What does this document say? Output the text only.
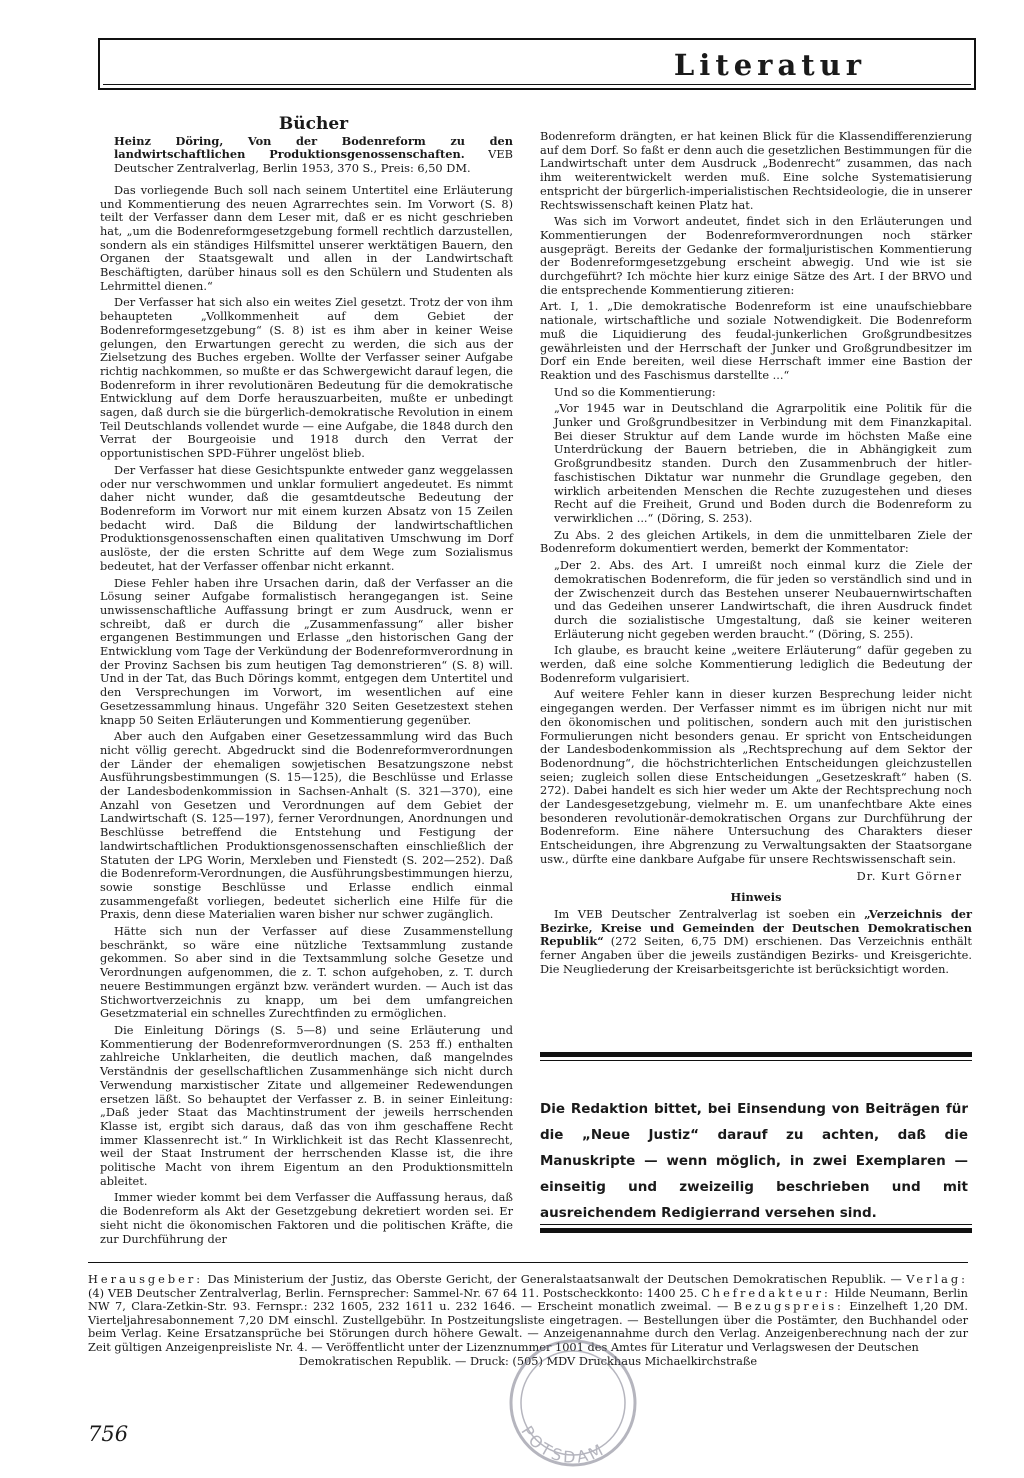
Literatur

Bücher

Heinz Döring, Von der Bodenreform zu den landwirtschaftlichen Produktionsgenossenschaften. VEB Deutscher Zentralverlag, Berlin 1953, 370 S., Preis: 6,50 DM.

Das vorliegende Buch soll nach seinem Untertitel eine Erläuterung und Kommentierung des neuen Agrarrechtes sein. Im Vorwort (S. 8) teilt der Verfasser dann dem Leser mit, daß er es nicht geschrieben hat, „um die Bodenreformgesetzgebung formell rechtlich darzustellen, sondern als ein ständiges Hilfsmittel unserer werktätigen Bauern, den Organen der Staatsgewalt und allen in der Landwirtschaft Beschäftigten, darüber hinaus soll es den Schülern und Studenten als Lehrmittel dienen.“

Der Verfasser hat sich also ein weites Ziel gesetzt. Trotz der von ihm behaupteten „Vollkommenheit auf dem Gebiet der Bodenreformgesetzgebung“ (S. 8) ist es ihm aber in keiner Weise gelungen, den Erwartungen gerecht zu werden, die sich aus der Zielsetzung des Buches ergeben. Wollte der Verfasser seiner Aufgabe richtig nachkommen, so mußte er das Schwergewicht darauf legen, die Bodenreform in ihrer revolutionären Bedeutung für die demokratische Entwicklung auf dem Dorfe herauszuarbeiten, mußte er unbedingt sagen, daß durch sie die bürgerlich-demokratische Revolution in einem Teil Deutschlands vollendet wurde — eine Aufgabe, die 1848 durch den Verrat der Bourgeoisie und 1918 durch den Verrat der opportunistischen SPD-Führer ungelöst blieb.

Der Verfasser hat diese Gesichtspunkte entweder ganz weggelassen oder nur verschwommen und unklar formuliert angedeutet. Es nimmt daher nicht wunder, daß die gesamtdeutsche Bedeutung der Bodenreform im Vorwort nur mit einem kurzen Absatz von 15 Zeilen bedacht wird. Daß die Bildung der landwirtschaftlichen Produktionsgenossenschaften einen qualitativen Umschwung im Dorf auslöste, der die ersten Schritte auf dem Wege zum Sozialismus bedeutet, hat der Verfasser offenbar nicht erkannt.

Diese Fehler haben ihre Ursachen darin, daß der Verfasser an die Lösung seiner Aufgabe formalistisch herangegangen ist. Seine unwissenschaftliche Auffassung bringt er zum Ausdruck, wenn er schreibt, daß er durch die „Zusammenfassung“ aller bisher ergangenen Bestimmungen und Erlasse „den historischen Gang der Entwicklung vom Tage der Verkündung der Bodenreformverordnung in der Provinz Sachsen bis zum heutigen Tag demonstrieren“ (S. 8) will. Und in der Tat, das Buch Dörings kommt, entgegen dem Untertitel und den Versprechungen im Vorwort, im wesentlichen auf eine Gesetzessammlung hinaus. Ungefähr 320 Seiten Gesetzestext stehen knapp 50 Seiten Erläuterungen und Kommentierung gegenüber.

Aber auch den Aufgaben einer Gesetzessammlung wird das Buch nicht völlig gerecht. Abgedruckt sind die Bodenreformverordnungen der Länder der ehemaligen sowjetischen Besatzungszone nebst Ausführungsbestimmungen (S. 15—125), die Beschlüsse und Erlasse der Landesbodenkommission in Sachsen-Anhalt (S. 321—370), eine Anzahl von Gesetzen und Verordnungen auf dem Gebiet der Landwirtschaft (S. 125—197), ferner Verordnungen, Anordnungen und Beschlüsse betreffend die Entstehung und Festigung der landwirtschaftlichen Produktionsgenossenschaften einschließlich der Statuten der LPG Worin, Merxleben und Fienstedt (S. 202—252). Daß die Bodenreform-Verordnungen, die Ausführungsbestimmungen hierzu, sowie sonstige Beschlüsse und Erlasse endlich einmal zusammengefaßt vorliegen, bedeutet sicherlich eine Hilfe für die Praxis, denn diese Materialien waren bisher nur schwer zugänglich.

Hätte sich nun der Verfasser auf diese Zusammenstellung beschränkt, so wäre eine nützliche Textsammlung zustande gekommen. So aber sind in die Textsammlung solche Gesetze und Verordnungen aufgenommen, die z. T. schon aufgehoben, z. T. durch neuere Bestimmungen ergänzt bzw. verändert wurden. — Auch ist das Stichwortverzeichnis zu knapp, um bei dem umfangreichen Gesetzmaterial ein schnelles Zurechtfinden zu ermöglichen.

Die Einleitung Dörings (S. 5—8) und seine Erläuterung und Kommentierung der Bodenreformverordnungen (S. 253 ff.) enthalten zahlreiche Unklarheiten, die deutlich machen, daß mangelndes Verständnis der gesellschaftlichen Zusammenhänge sich nicht durch Verwendung marxistischer Zitate und allgemeiner Redewendungen ersetzen läßt. So behauptet der Verfasser z. B. in seiner Einleitung: „Daß jeder Staat das Machtinstrument der jeweils herrschenden Klasse ist, ergibt sich daraus, daß das von ihm geschaffene Recht immer Klassenrecht ist.“ In Wirklichkeit ist das Recht Klassenrecht, weil der Staat Instrument der herrschenden Klasse ist, die ihre politische Macht von ihrem Eigentum an den Produktionsmitteln ableitet.

Immer wieder kommt bei dem Verfasser die Auffassung heraus, daß die Bodenreform als Akt der Gesetzgebung dekretiert worden sei. Er sieht nicht die ökonomischen Faktoren und die politischen Kräfte, die zur Durchführung der

Bodenreform drängten, er hat keinen Blick für die Klassendifferenzierung auf dem Dorf. So faßt er denn auch die gesetzlichen Bestimmungen für die Landwirtschaft unter dem Ausdruck „Bodenrecht“ zusammen, das nach ihm weiterentwickelt werden muß. Eine solche Systematisierung entspricht der bürgerlich-imperialistischen Rechtsideologie, die in unserer Rechtswissenschaft keinen Platz hat.

Was sich im Vorwort andeutet, findet sich in den Erläuterungen und Kommentierungen der Bodenreformverordnungen noch stärker ausgeprägt. Bereits der Gedanke der formaljuristischen Kommentierung der Bodenreformgesetzgebung erscheint abwegig. Und wie ist sie durchgeführt? Ich möchte hier kurz einige Sätze des Art. I der BRVO und die entsprechende Kommentierung zitieren:

Art. I, 1. „Die demokratische Bodenreform ist eine unaufschiebbare nationale, wirtschaftliche und soziale Notwendigkeit. Die Bodenreform muß die Liquidierung des feudal-junkerlichen Großgrundbesitzes gewährleisten und der Herrschaft der Junker und Großgrundbesitzer im Dorf ein Ende bereiten, weil diese Herrschaft immer eine Bastion der Reaktion und des Faschismus darstellte ...“

Und so die Kommentierung:

„Vor 1945 war in Deutschland die Agrarpolitik eine Politik für die Junker und Großgrundbesitzer in Verbindung mit dem Finanzkapital. Bei dieser Struktur auf dem Lande wurde im höchsten Maße eine Unterdrückung der Bauern betrieben, die in Abhängigkeit zum Großgrundbesitz standen. Durch den Zusammenbruch der hitler-faschistischen Diktatur war nunmehr die Grundlage gegeben, den wirklich arbeitenden Menschen die Rechte zuzugestehen und dieses Recht auf die Freiheit, Grund und Boden durch die Bodenreform zu verwirklichen ...“ (Döring, S. 253).

Zu Abs. 2 des gleichen Artikels, in dem die unmittelbaren Ziele der Bodenreform dokumentiert werden, bemerkt der Kommentator:

„Der 2. Abs. des Art. I umreißt noch einmal kurz die Ziele der demokratischen Bodenreform, die für jeden so verständlich sind und in der Zwischenzeit durch das Bestehen unserer Neubauernwirtschaften und das Gedeihen unserer Landwirtschaft, die ihren Ausdruck findet durch die sozialistische Umgestaltung, daß sie keiner weiteren Erläuterung nicht gegeben werden braucht.“ (Döring, S. 255).

Ich glaube, es braucht keine „weitere Erläuterung“ dafür gegeben zu werden, daß eine solche Kommentierung lediglich die Bedeutung der Bodenreform vulgarisiert.

Auf weitere Fehler kann in dieser kurzen Besprechung leider nicht eingegangen werden. Der Verfasser nimmt es im übrigen nicht nur mit den ökonomischen und politischen, sondern auch mit den juristischen Formulierungen nicht besonders genau. Er spricht von Entscheidungen der Landesbodenkommission als „Rechtsprechung auf dem Sektor der Bodenordnung“, die höchstrichterlichen Entscheidungen gleichzustellen seien; zugleich sollen diese Entscheidungen „Gesetzeskraft“ haben (S. 272). Dabei handelt es sich hier weder um Akte der Rechtsprechung noch der Landesgesetzgebung, vielmehr m. E. um unanfechtbare Akte eines besonderen revolutionär-demokratischen Organs zur Durchführung der Bodenreform. Eine nähere Untersuchung des Charakters dieser Entscheidungen, ihre Abgrenzung zu Verwaltungsakten der Staatsorgane usw., dürfte eine dankbare Aufgabe für unsere Rechtswissenschaft sein.

Dr. Kurt Görner

Hinweis

Im VEB Deutscher Zentralverlag ist soeben ein „Verzeichnis der Bezirke, Kreise und Gemeinden der Deutschen Demokratischen Republik“ (272 Seiten, 6,75 DM) erschienen. Das Verzeichnis enthält ferner Angaben über die jeweils zuständigen Bezirks- und Kreisgerichte. Die Neugliederung der Kreisarbeitsgerichte ist berücksichtigt worden.

Die Redaktion bittet, bei Einsendung von Beiträgen für die „Neue Justiz“ darauf zu achten, daß die Manuskripte — wenn möglich, in zwei Exemplaren — einseitig und zweizeilig beschrieben und mit ausreichendem Redigierrand versehen sind.
Herausgeber: Das Ministerium der Justiz, das Oberste Gericht, der Generalstaatsanwalt der Deutschen Demokratischen Republik. — Verlag: (4) VEB Deutscher Zentralverlag, Berlin. Fernsprecher: Sammel-Nr. 67 64 11. Postscheckkonto: 1400 25. Chefredakteur: Hilde Neumann, Berlin NW 7, Clara-Zetkin-Str. 93. Fernspr.: 232 1605, 232 1611 u. 232 1646. — Erscheint monatlich zweimal. — Bezugspreis: Einzelheft 1,20 DM. Vierteljahresabonnement 7,20 DM einschl. Zustellgebühr. In Postzeitungsliste eingetragen. — Bestellungen über die Postämter, den Buchhandel oder beim Verlag. Keine Ersatzansprüche bei Störungen durch höhere Gewalt. — Anzeigenannahme durch den Verlag. Anzeigenberechnung nach der zur Zeit gültigen Anzeigenpreisliste Nr. 4. — Veröffentlicht unter der Lizenznummer 1001 des Amtes für Literatur und Verlagswesen der Deutschen
Demokratischen Republik. — Druck: (505) MDV Druckhaus Michaelkirchstraße
POTSDAM
756
